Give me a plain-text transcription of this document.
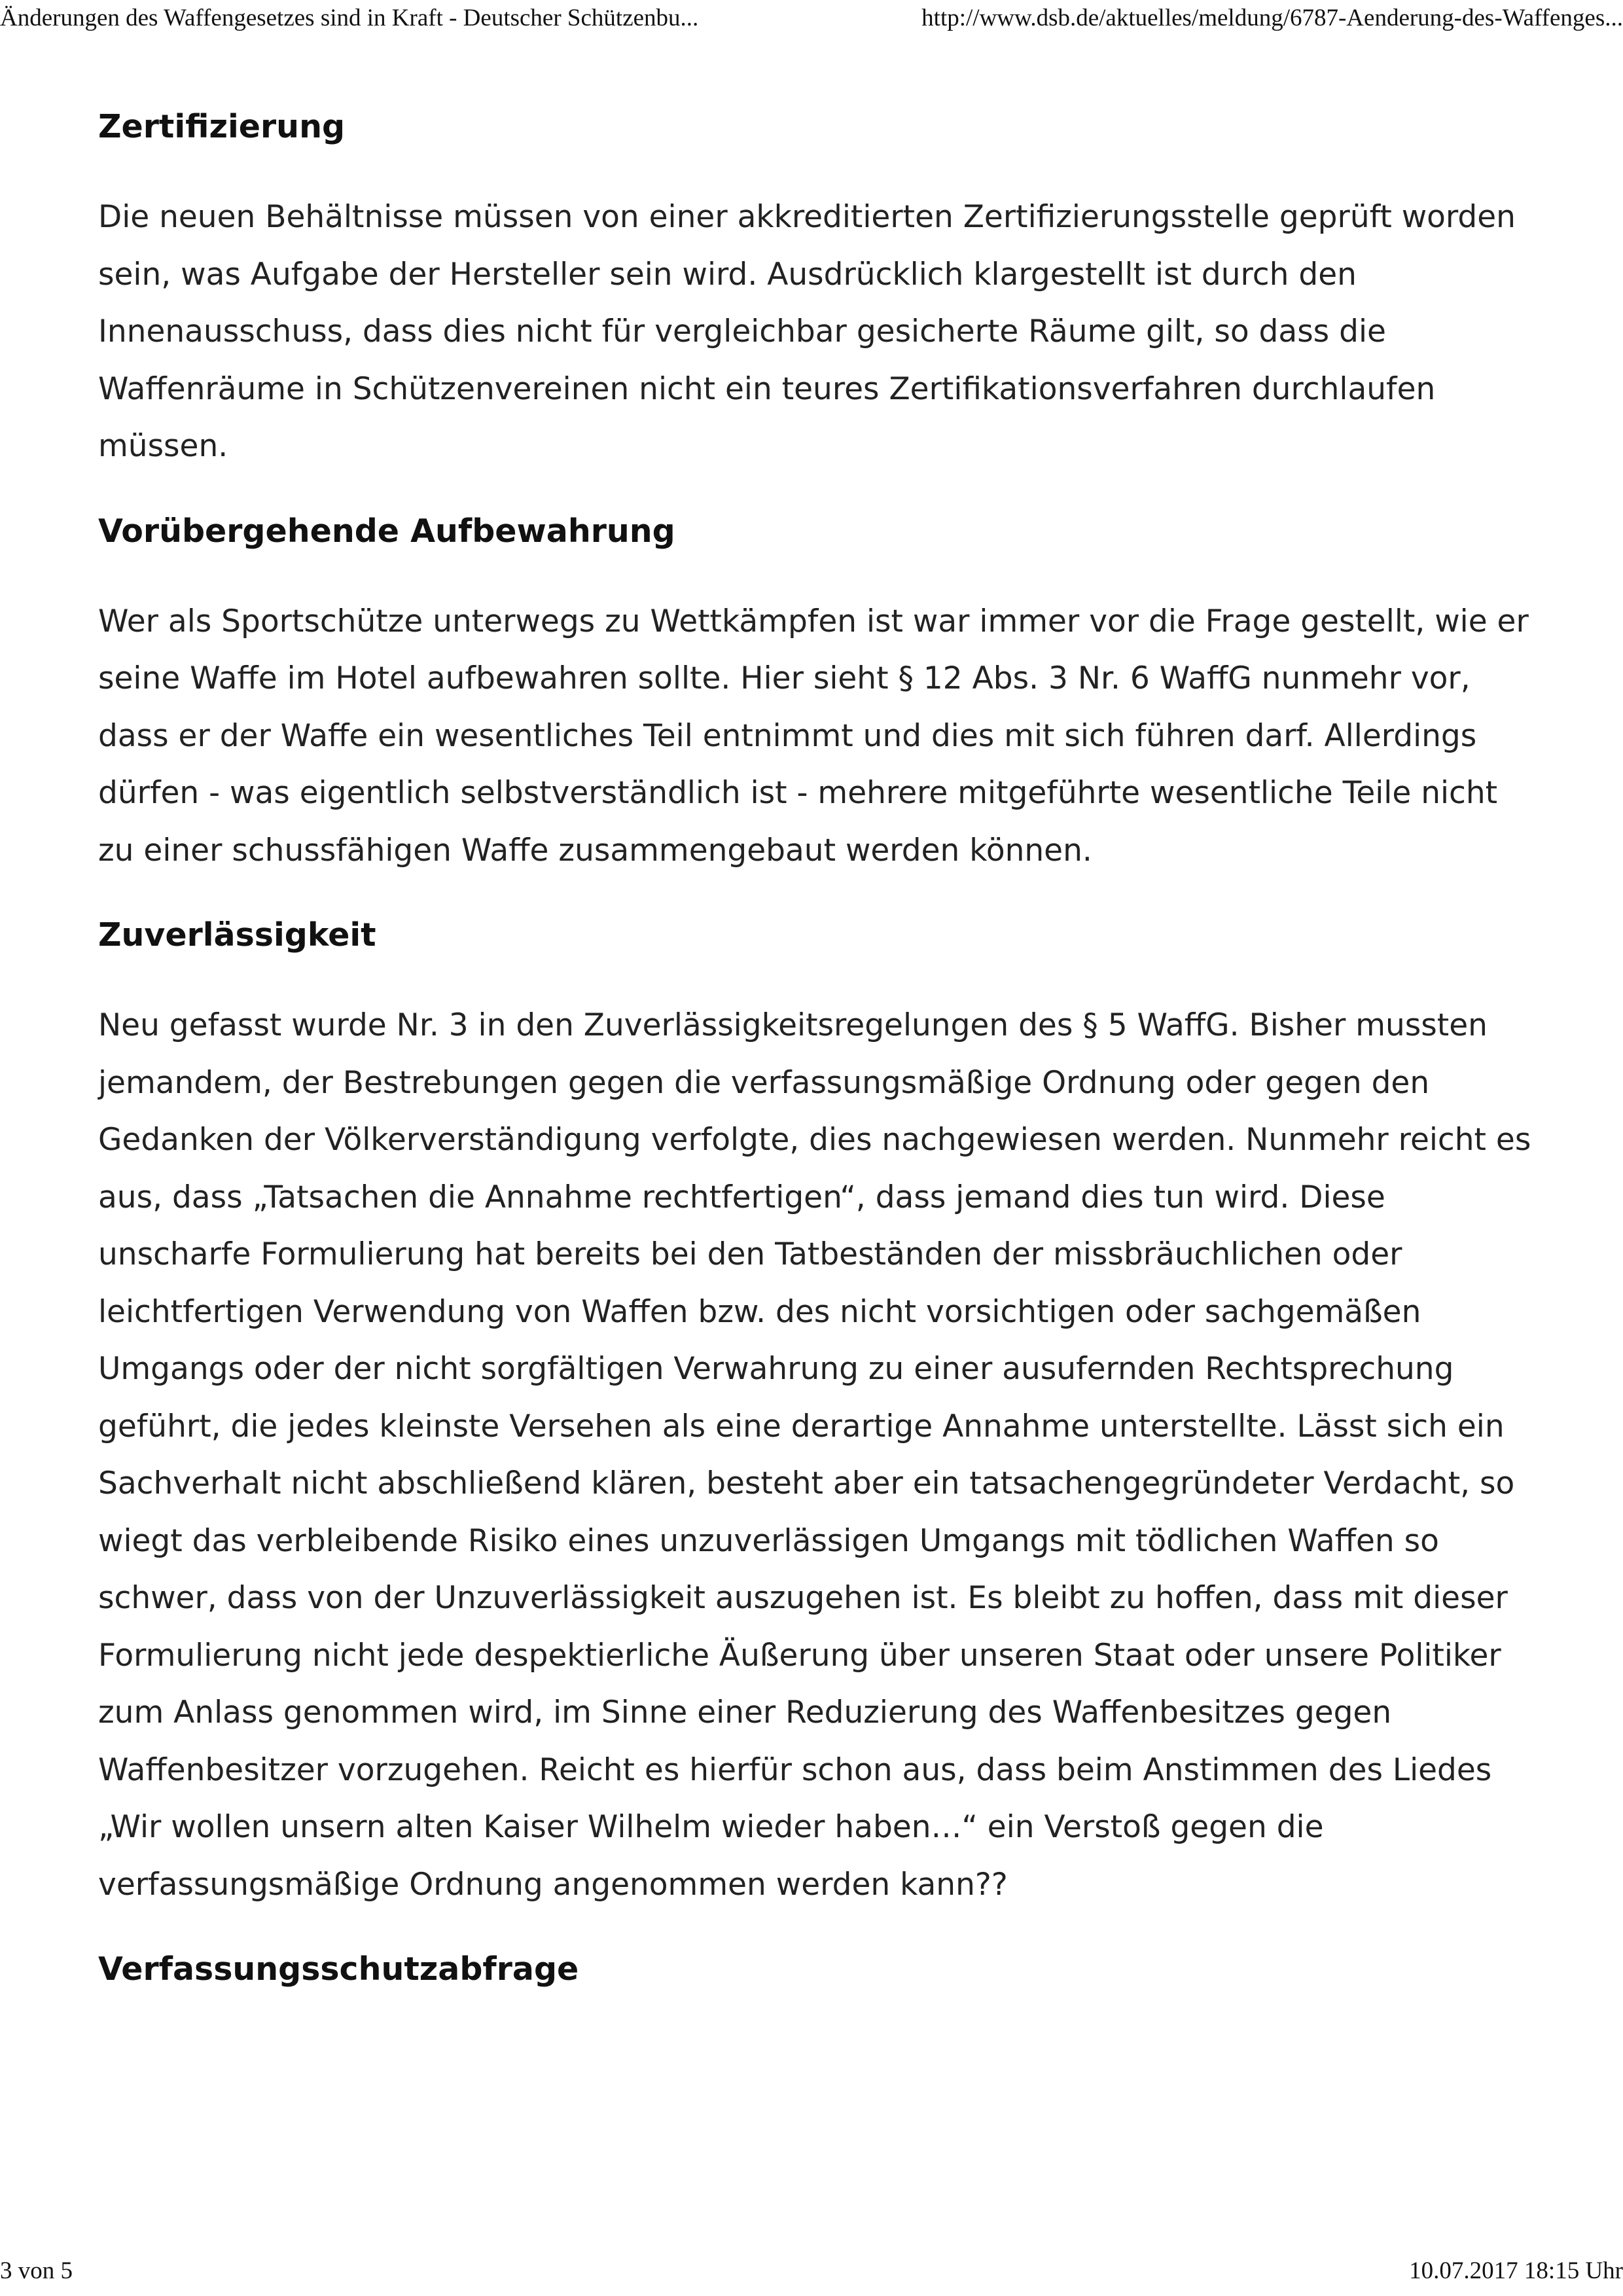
Änderungen des Waffengesetzes sind in Kraft - Deutscher Schützenbu...	http://www.dsb.de/aktuelles/meldung/6787-Aenderung-des-Waffenges...
Zertifizierung

Die neuen Behältnisse müssen von einer akkreditierten Zertifizierungsstelle geprüft worden sein, was Aufgabe der Hersteller sein wird. Ausdrücklich klargestellt ist durch den Innenausschuss, dass dies nicht für vergleichbar gesicherte Räume gilt, so dass die Waffenräume in Schützenvereinen nicht ein teures Zertifikationsverfahren durchlaufen müssen.

Vorübergehende Aufbewahrung

Wer als Sportschütze unterwegs zu Wettkämpfen ist war immer vor die Frage gestellt, wie er seine Waffe im Hotel aufbewahren sollte. Hier sieht § 12 Abs. 3 Nr. 6 WaffG nunmehr vor, dass er der Waffe ein wesentliches Teil entnimmt und dies mit sich führen darf. Allerdings dürfen - was eigentlich selbstverständlich ist - mehrere mitgeführte wesentliche Teile nicht zu einer schussfähigen Waffe zusammengebaut werden können.

Zuverlässigkeit

Neu gefasst wurde Nr. 3 in den Zuverlässigkeitsregelungen des § 5 WaffG. Bisher mussten jemandem, der Bestrebungen gegen die verfassungsmäßige Ordnung oder gegen den Gedanken der Völkerverständigung verfolgte, dies nachgewiesen werden. Nunmehr reicht es aus, dass „Tatsachen die Annahme rechtfertigen“, dass jemand dies tun wird. Diese unscharfe Formulierung hat bereits bei den Tatbeständen der missbräuchlichen oder leichtfertigen Verwendung von Waffen bzw. des nicht vorsichtigen oder sachgemäßen Umgangs oder der nicht sorgfältigen Verwahrung zu einer ausufernden Rechtsprechung geführt, die jedes kleinste Versehen als eine derartige Annahme unterstellte. Lässt sich ein Sachverhalt nicht abschließend klären, besteht aber ein tatsachengegründeter Verdacht, so wiegt das verbleibende Risiko eines unzuverlässigen Umgangs mit tödlichen Waffen so schwer, dass von der Unzuverlässigkeit auszugehen ist. Es bleibt zu hoffen, dass mit dieser Formulierung nicht jede despektierliche Äußerung über unseren Staat oder unsere Politiker zum Anlass genommen wird, im Sinne einer Reduzierung des Waffenbesitzes gegen Waffenbesitzer vorzugehen. Reicht es hierfür schon aus, dass beim Anstimmen des Liedes „Wir wollen unsern alten Kaiser Wilhelm wieder haben…“ ein Verstoß gegen die verfassungsmäßige Ordnung angenommen werden kann??

Verfassungsschutzabfrage
3 von 5	10.07.2017 18:15 Uhr
